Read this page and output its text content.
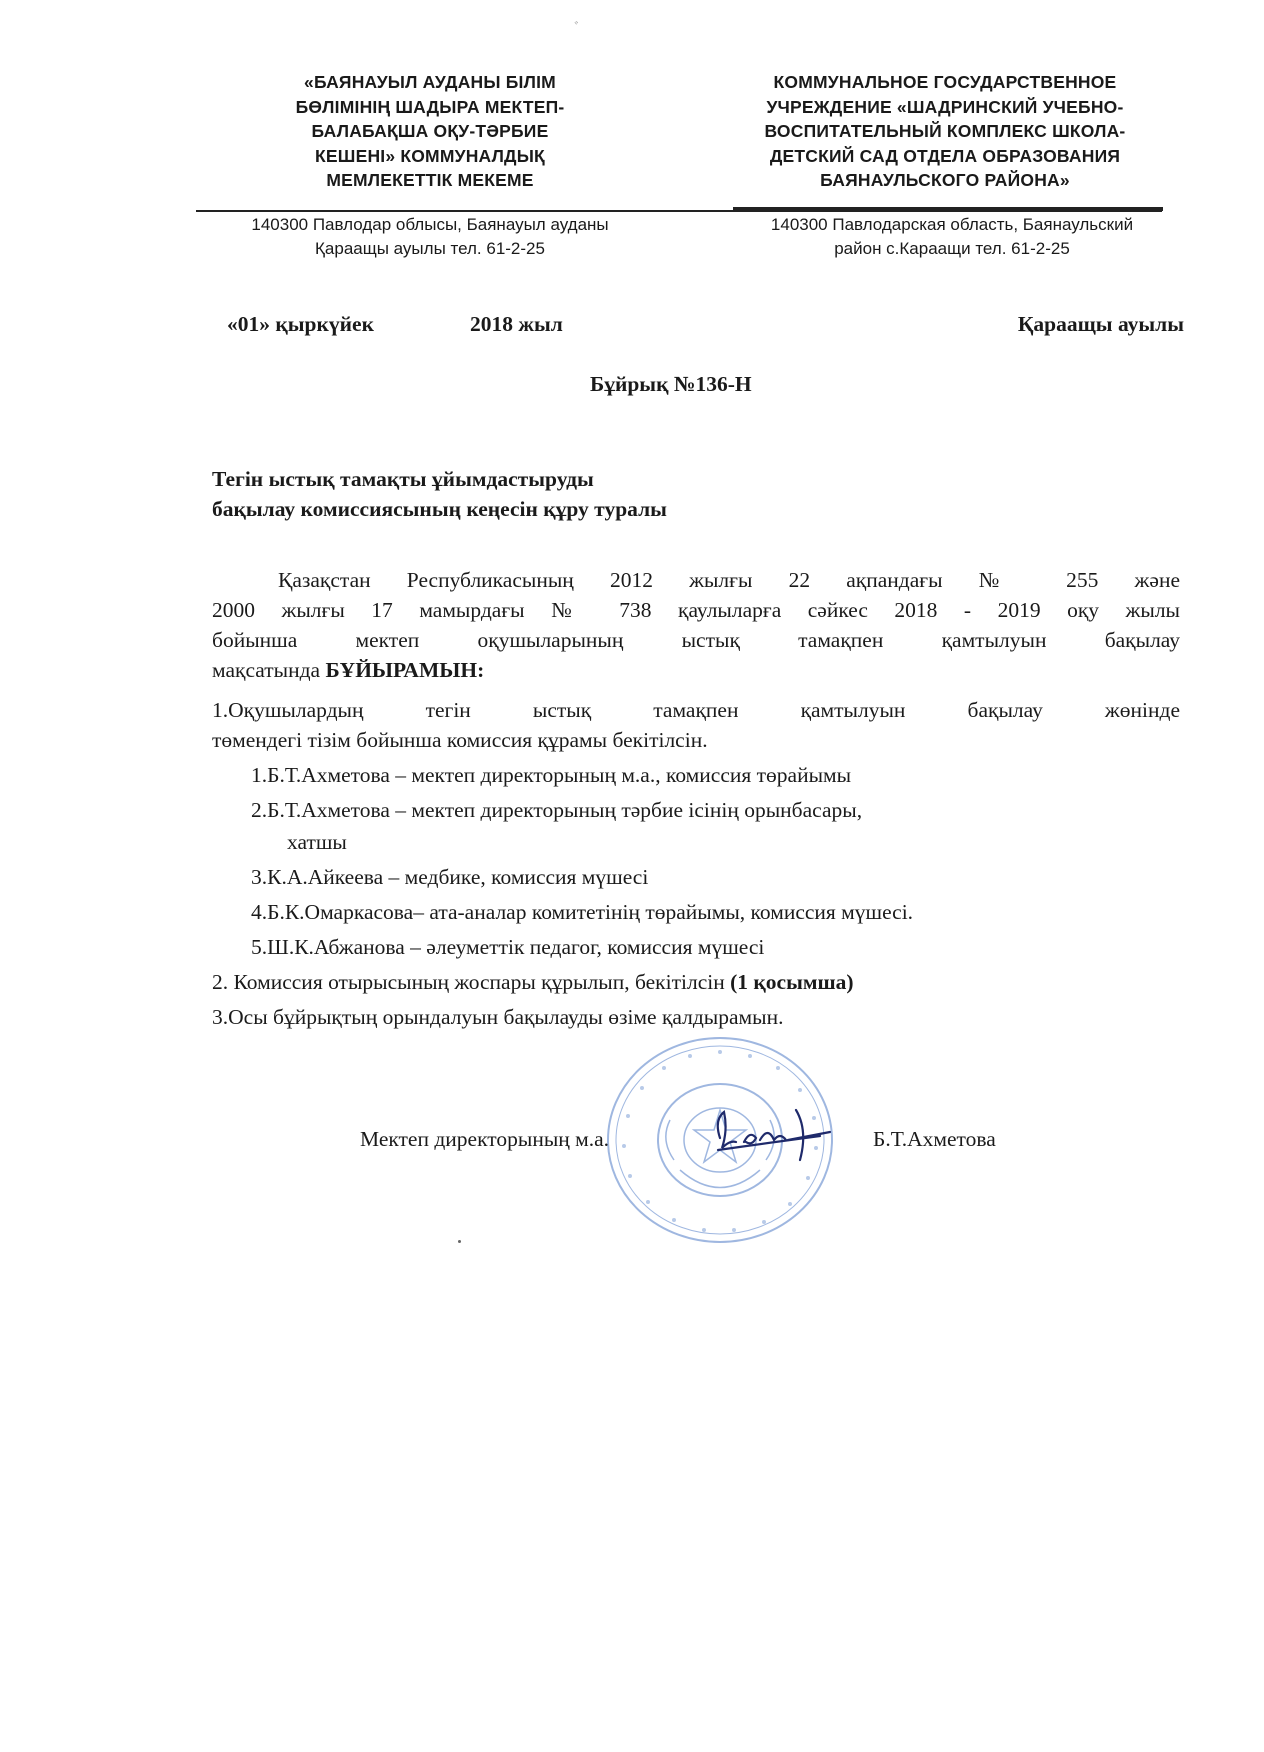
ﾞ
«БАЯНАУЫЛ АУДАНЫ БІЛІМ
БӨЛІМІНІҢ ШАДЫРА МЕКТЕП-
БАЛАБАҚША ОҚУ-ТӘРБИЕ
КЕШЕНІ» КОММУНАЛДЫҚ
МЕМЛЕКЕТТІК МЕКЕМЕ
КОММУНАЛЬНОЕ ГОСУДАРСТВЕННОЕ
УЧРЕЖДЕНИЕ «ШАДРИНСКИЙ УЧЕБНО-
ВОСПИТАТЕЛЬНЫЙ КОМПЛЕКС ШКОЛА-
ДЕТСКИЙ САД ОТДЕЛА ОБРАЗОВАНИЯ
БАЯНАУЛЬСКОГО РАЙОНА»
140300 Павлодар облысы, Баянауыл ауданы
Қараащы ауылы тел. 61-2-25
140300 Павлодарская область, Баянаульский
район с.Караащи тел. 61-2-25
«01» қыркүйек	2018 жыл	Қараащы ауылы
Бұйрық №136-Н
Тегін ыстық тамақты ұйымдастыруды
бақылау комиссиясының кеңесін құру туралы
Қазақстан Республикасының 2012 жылғы 22 ақпандағы № 255 және
2000 жылғы 17 мамырдағы № 738 қаулыларға сәйкес 2018 - 2019 оқу жылы
бойынша мектеп оқушыларының ыстық тамақпен қамтылуын бақылау
мақсатында БҰЙЫРАМЫН:
1.Оқушылардың тегін ыстық тамақпен қамтылуын бақылау жөнінде
төмендегі тізім бойынша комиссия құрамы бекітілсін.
1.Б.Т.Ахметова – мектеп директорының м.а., комиссия төрайымы
2.Б.Т.Ахметова – мектеп директорының тәрбие ісінің орынбасары,
хатшы
3.К.А.Айкеева – медбике, комиссия мүшесі
4.Б.К.Омаркасова– ата-аналар комитетінің төрайымы, комиссия мүшесі.
5.Ш.К.Абжанова – әлеуметтік педагог, комиссия мүшесі
2. Комиссия отырысының жоспары құрылып, бекітілсін (1 қосымша)
3.Осы бұйрықтың орындалуын бақылауды өзіме қалдырамын.
Мектеп директорының м.а.	Б.Т.Ахметова
